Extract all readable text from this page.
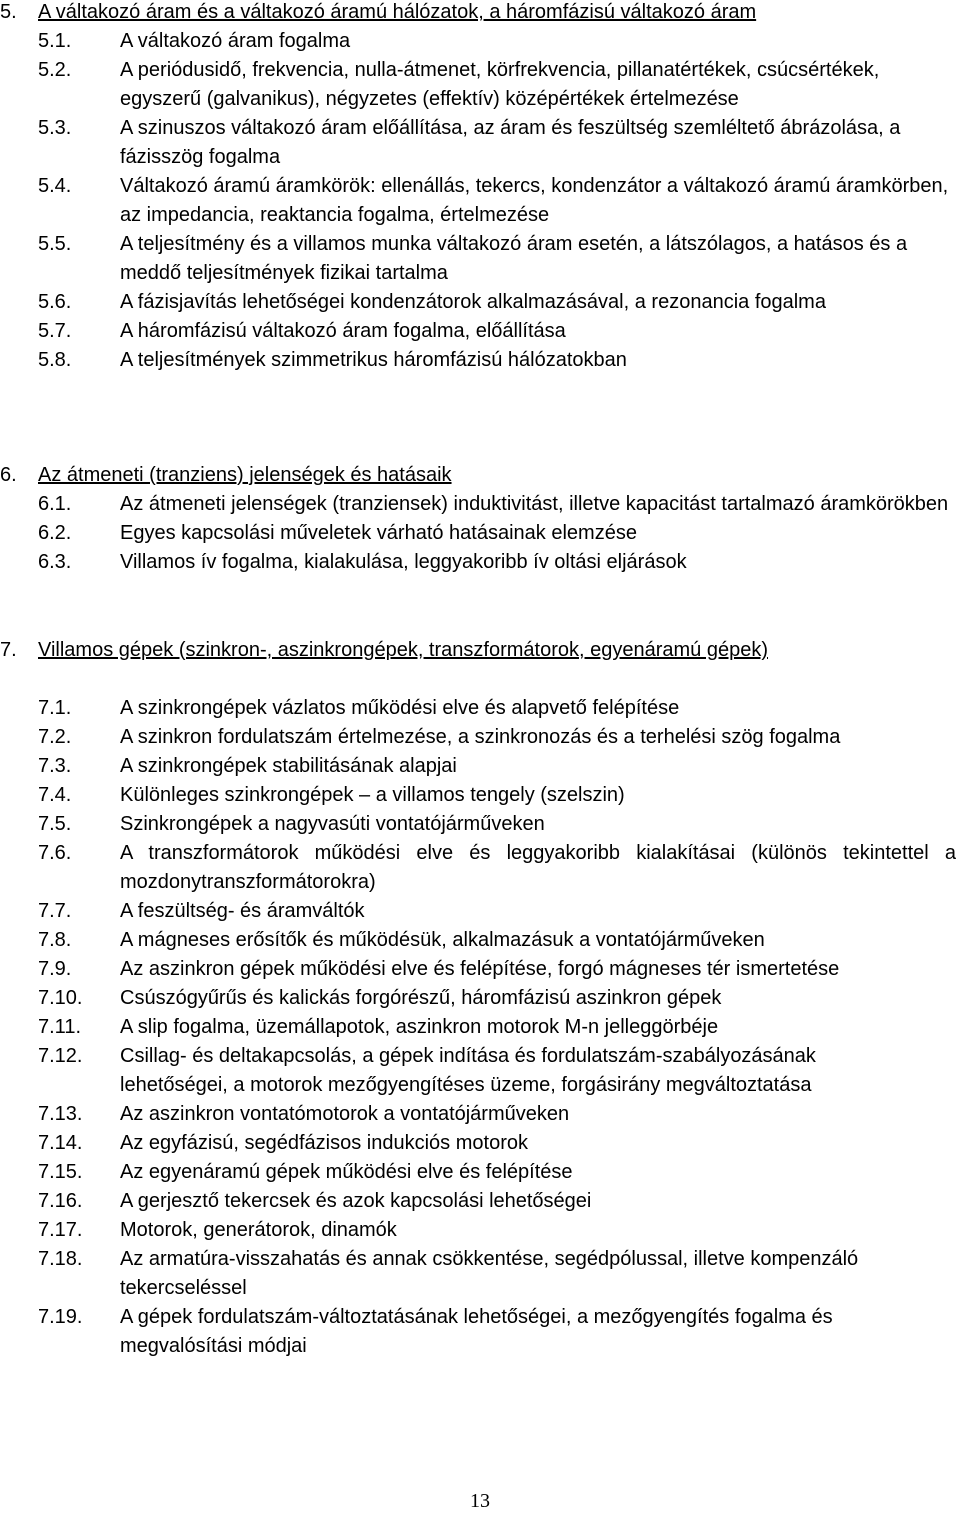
5. A váltakozó áram és a váltakozó áramú hálózatok, a háromfázisú váltakozó áram
5.1. A váltakozó áram fogalma
5.2. A periódusidő, frekvencia, nulla-átmenet, körfrekvencia, pillanatértékek, csúcsértékek, egyszerű (galvanikus), négyzetes (effektív) középértékek értelmezése
5.3. A szinuszos váltakozó áram előállítása, az áram és feszültség szemléltető ábrázolása, a fázisszög fogalma
5.4. Váltakozó áramú áramkörök: ellenállás, tekercs, kondenzátor a váltakozó áramú áramkörben, az impedancia, reaktancia fogalma, értelmezése
5.5. A teljesítmény és a villamos munka váltakozó áram esetén, a látszólagos, a hatásos és a meddő teljesítmények fizikai tartalma
5.6. A fázisjavítás lehetőségei kondenzátorok alkalmazásával, a rezonancia fogalma
5.7. A háromfázisú váltakozó áram fogalma, előállítása
5.8. A teljesítmények szimmetrikus háromfázisú hálózatokban
6. Az átmeneti (tranziens) jelenségek és hatásaik
6.1. Az átmeneti jelenségek (tranziensek) induktivitást, illetve kapacitást tartalmazó áramkörökben
6.2. Egyes kapcsolási műveletek várható hatásainak elemzése
6.3. Villamos ív fogalma, kialakulása, leggyakoribb ív oltási eljárások
7. Villamos gépek (szinkron-, aszinkrongépek, transzformátorok, egyenáramú gépek)
7.1. A szinkrongépek vázlatos működési elve és alapvető felépítése
7.2. A szinkron fordulatszám értelmezése, a szinkronozás és a terhelési szög fogalma
7.3. A szinkrongépek stabilitásának alapjai
7.4. Különleges szinkrongépek – a villamos tengely (szelszin)
7.5. Szinkrongépek a nagyvasúti vontatójárműveken
7.6. A transzformátorok működési elve és leggyakoribb kialakításai (különös tekintettel a mozdonytranszformátorokra)
7.7. A feszültség- és áramváltók
7.8. A mágneses erősítők és működésük, alkalmazásuk a vontatójárműveken
7.9. Az aszinkron gépek működési elve és felépítése, forgó mágneses tér ismertetése
7.10. Csúszógyűrűs és kalickás forgórészű, háromfázisú aszinkron gépek
7.11. A slip fogalma, üzemállapotok, aszinkron motorok M-n jelleggörbéje
7.12. Csillag- és deltakapcsolás, a gépek indítása és fordulatszám-szabályozásának lehetőségei, a motorok mezőgyengítéses üzeme, forgásirány megváltoztatása
7.13. Az aszinkron vontatómotorok a vontatójárműveken
7.14. Az egyfázisú, segédfázisos indukciós motorok
7.15. Az egyenáramú gépek működési elve és felépítése
7.16. A gerjesztő tekercsek és azok kapcsolási lehetőségei
7.17. Motorok, generátorok, dinamók
7.18. Az armatúra-visszahatás és annak csökkentése, segédpólussal, illetve kompenzáló tekercseléssel
7.19. A gépek fordulatszám-változtatásának lehetőségei, a mezőgyengítés fogalma és megvalósítási módjai
13
